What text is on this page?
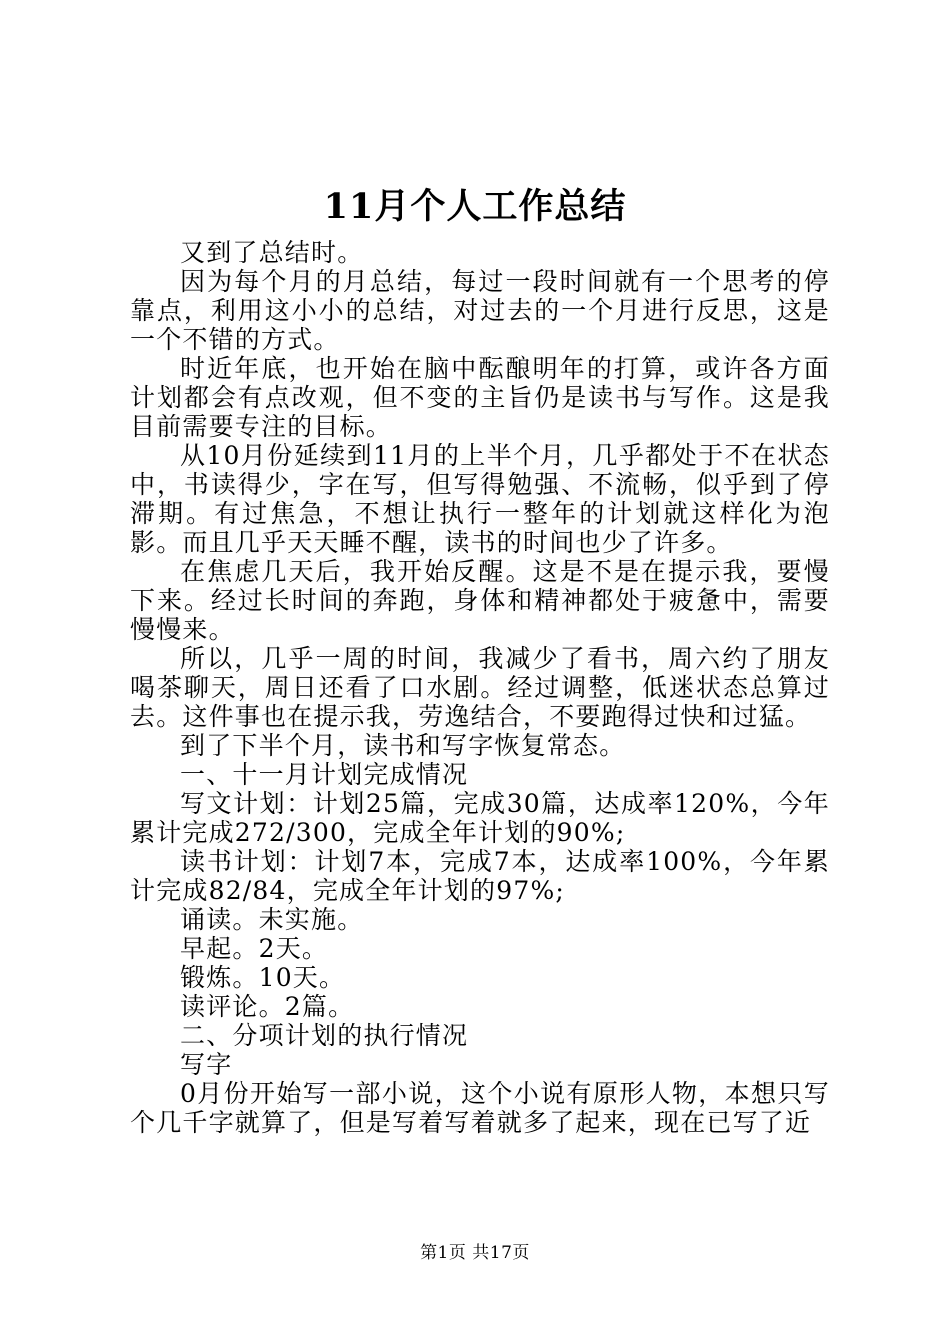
11月个人工作总结

又到了总结时。

因为每个月的月总结，每过一段时间就有一个思考的停靠点，利用这小小的总结，对过去的一个月进行反思，这是一个不错的方式。

时近年底，也开始在脑中酝酿明年的打算，或许各方面计划都会有点改观，但不变的主旨仍是读书与写作。这是我目前需要专注的目标。

从10月份延续到11月的上半个月，几乎都处于不在状态中，书读得少，字在写，但写得勉强、不流畅，似乎到了停滞期。有过焦急，不想让执行一整年的计划就这样化为泡影。而且几乎天天睡不醒，读书的时间也少了许多。

在焦虑几天后，我开始反醒。这是不是在提示我，要慢下来。经过长时间的奔跑，身体和精神都处于疲惫中，需要慢慢来。

所以，几乎一周的时间，我减少了看书，周六约了朋友喝茶聊天，周日还看了口水剧。经过调整，低迷状态总算过去。这件事也在提示我，劳逸结合，不要跑得过快和过猛。

到了下半个月，读书和写字恢复常态。

一、十一月计划完成情况

写文计划：计划25篇，完成30篇，达成率120%，今年累计完成272/300，完成全年计划的90%;

读书计划：计划7本，完成7本，达成率100%，今年累计完成82/84，完成全年计划的97%;

诵读。未实施。

早起。2天。

锻炼。10天。

读评论。2篇。

二、分项计划的执行情况

写字

0月份开始写一部小说，这个小说有原形人物，本想只写个几千字就算了，但是写着写着就多了起来，现在已写了近

第1页 共17页
